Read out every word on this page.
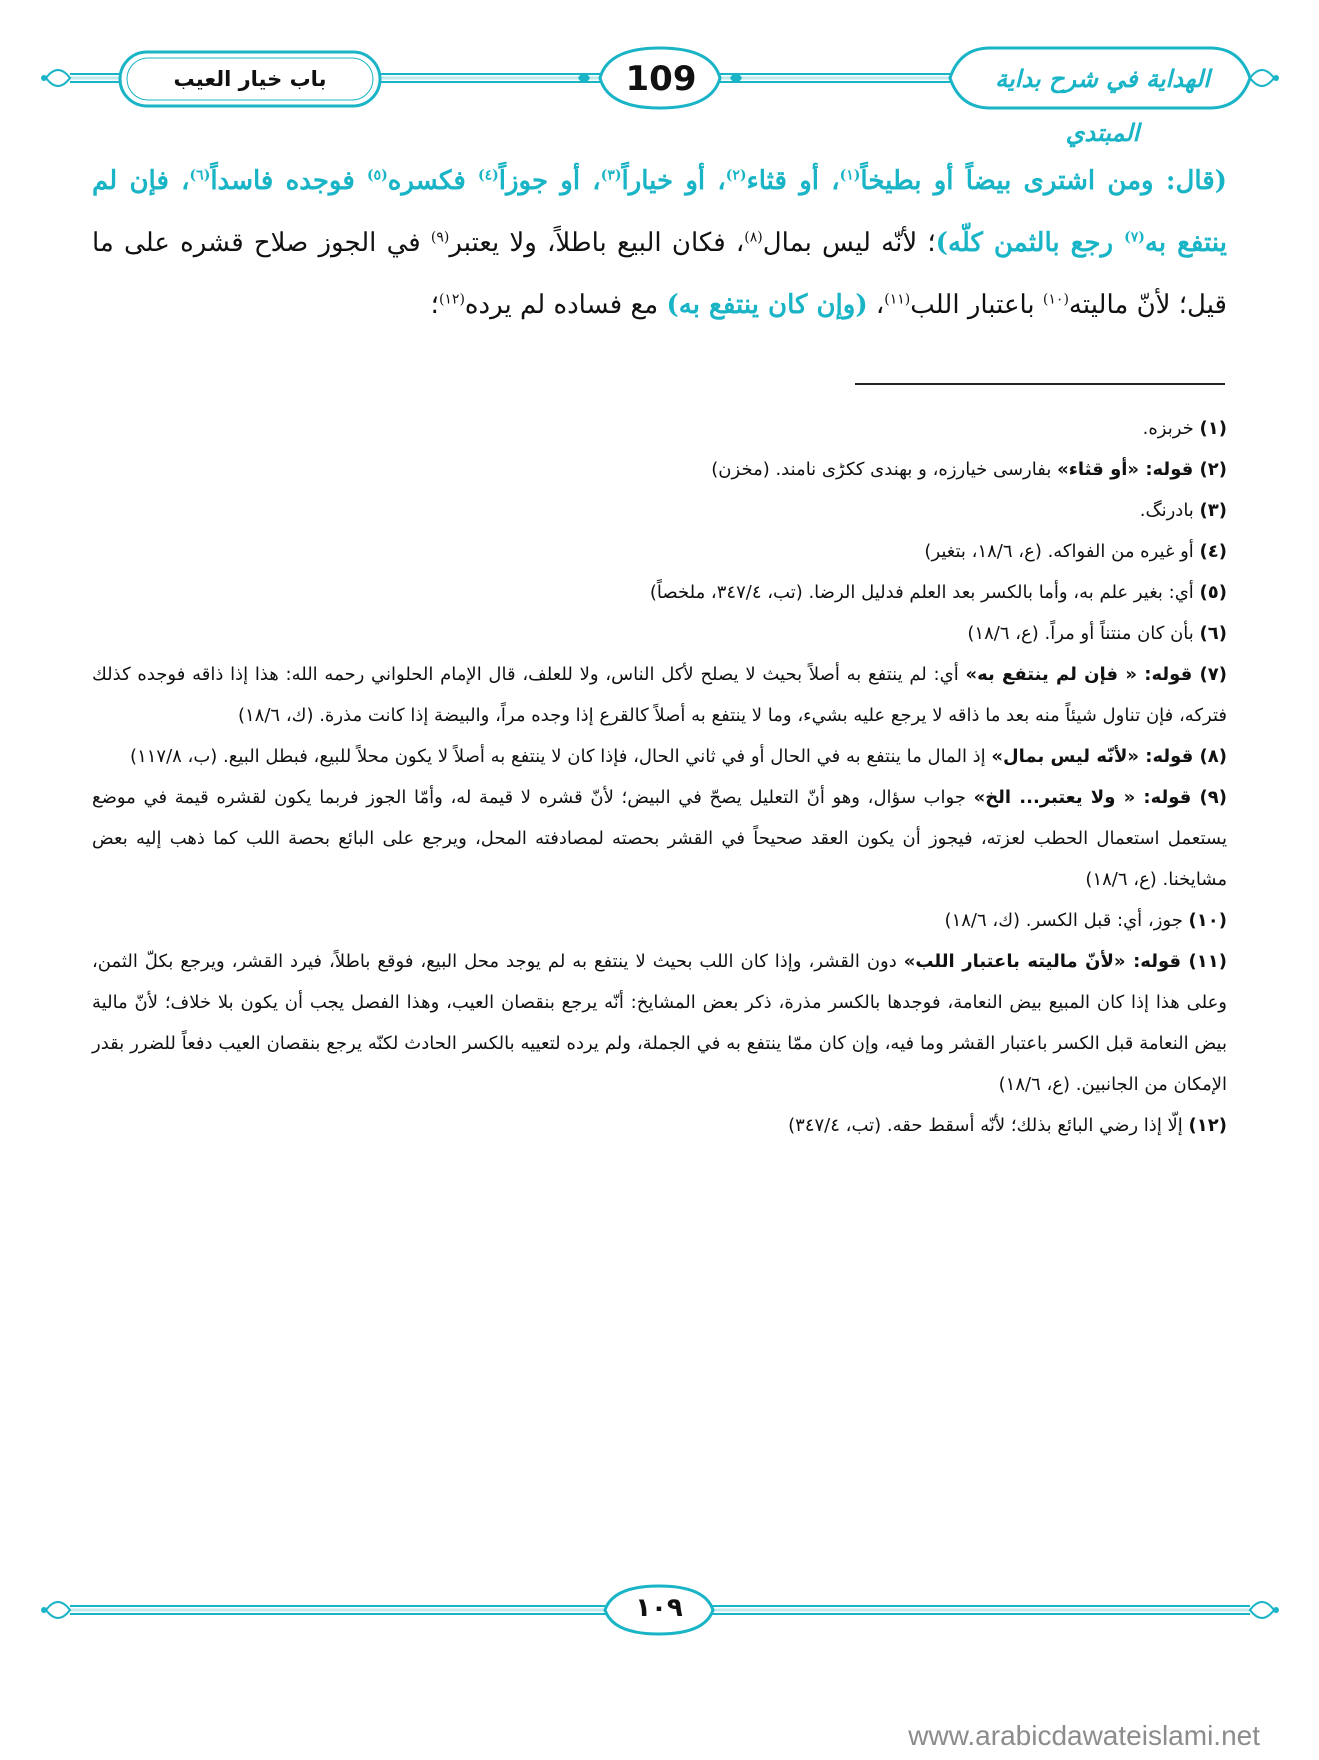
109
باب خيار العيب	الهداية في شرح بداية المبتدي
(قال: ومن اشترى بيضاً أو بطيخاً$^{(١)}$، أو قثاء$^{(٢)}$، أو خياراً$^{(٣)}$، أو جوزاً$^{(٤)}$ فكسره$^{(٥)}$ فوجده فاسداً$^{(٦)}$، فإن لم ينتفع به$^{(٧)}$ رجع بالثمن كلّه)؛ لأنّه ليس بمال$^{(٨)}$، فكان البيع باطلاً، ولا يعتبر$^{(٩)}$ في الجوز صلاح قشره على ما قيل؛ لأنّ ماليته$^{(١٠)}$ باعتبار اللب$^{(١١)}$، (وإن كان ينتفع به) مع فساده لم يرده$^{(١٢)}$؛
(١) خربزه.
(٢) قوله: «أو قثاء» بفارسی خيارزه، و بهندى ككڑى نامند. (مخزن)
(٣) بادرنگ.
(٤) أو غيره من الفواكه. (ع، ١٨/٦، بتغير)
(٥) أي: بغير علم به، وأما بالكسر بعد العلم فدليل الرضا. (تب، ٣٤٧/٤، ملخصاً)
(٦) بأن كان منتناً أو مراً. (ع، ١٨/٦)
(٧) قوله: « فإن لم ينتفع به» أي: لم ينتفع به أصلاً بحيث لا يصلح لأكل الناس، ولا للعلف، قال الإمام الحلواني رحمه الله: هذا إذا ذاقه فوجده كذلك فتركه، فإن تناول شيئاً منه بعد ما ذاقه لا يرجع عليه بشيء، وما لا ينتفع به أصلاً كالقرع إذا وجده مراً، والبيضة إذا كانت مذرة. (ك، ١٨/٦)
(٨) قوله: «لأنّه ليس بمال» إذ المال ما ينتفع به في الحال أو في ثاني الحال، فإذا كان لا ينتفع به أصلاً لا يكون محلاً للبيع، فبطل البيع. (ب، ١١٧/٨)
(٩) قوله: « ولا يعتبر... الخ» جواب سؤال، وهو أنّ التعليل يصحّ في البيض؛ لأنّ قشره لا قيمة له، وأمّا الجوز فربما يكون لقشره قيمة في موضع يستعمل استعمال الحطب لعزته، فيجوز أن يكون العقد صحيحاً في القشر بحصته لمصادفته المحل، ويرجع على البائع بحصة اللب كما ذهب إليه بعض مشايخنا. (ع، ١٨/٦)
(١٠) جوز، أي: قبل الكسر. (ك، ١٨/٦)
(١١) قوله: «لأنّ ماليته باعتبار اللب» دون القشر، وإذا كان اللب بحيث لا ينتفع به لم يوجد محل البيع، فوقع باطلاً، فيرد القشر، ويرجع بكلّ الثمن، وعلى هذا إذا كان المبيع بيض النعامة، فوجدها بالكسر مذرة، ذكر بعض المشايخ: أنّه يرجع بنقصان العيب، وهذا الفصل يجب أن يكون بلا خلاف؛ لأنّ مالية بيض النعامة قبل الكسر باعتبار القشر وما فيه، وإن كان ممّا ينتفع به في الجملة، ولم يرده لتعييه بالكسر الحادث لكنّه يرجع بنقصان العيب دفعاً للضرر بقدر الإمكان من الجانبين. (ع، ١٨/٦)
(١٢) إلّا إذا رضي البائع بذلك؛ لأنّه أسقط حقه. (تب، ٣٤٧/٤)
١٠٩
www.arabicdawateislami.net
